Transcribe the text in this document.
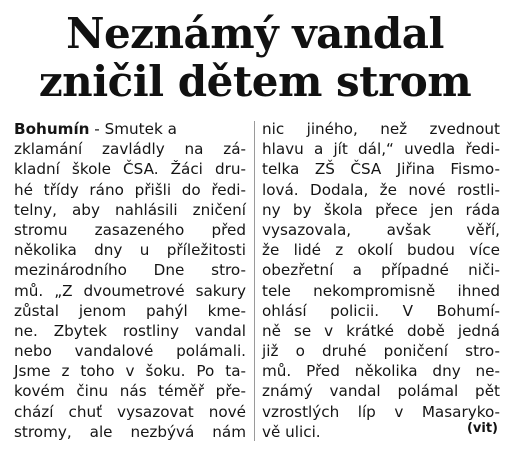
Neznámý vandal
zničil dětem strom
Bohumín - Smutek a
zklamání zavládly na zá-
kladní škole ČSA. Žáci dru-
hé třídy ráno přišli do ředi-
telny, aby nahlásili zničení
stromu zasazeného před
několika dny u příležitosti
mezinárodního Dne stro-
mů. „Z dvoumetrové sakury
zůstal jenom pahýl kme-
ne. Zbytek rostliny vandal
nebo vandalové polámali.
Jsme z toho v šoku. Po ta-
kovém činu nás téměř pře-
chází chuť vysazovat nové
stromy, ale nezbývá nám
nic jiného, než zvednout
hlavu a jít dál,“ uvedla ředi-
telka ZŠ ČSA Jiřina Fismo-
lová. Dodala, že nové rostli-
ny by škola přece jen ráda
vysazovala, avšak věří,
že lidé z okolí budou více
obezřetní a případné niči-
tele nekompromisně ihned
ohlásí policii. V Bohumí-
ně se v krátké době jedná
již o druhé poničení stro-
mů. Před několika dny ne-
známý vandal polámal pět
vzrostlých líp v Masaryko-
vě ulici.	(vit)
